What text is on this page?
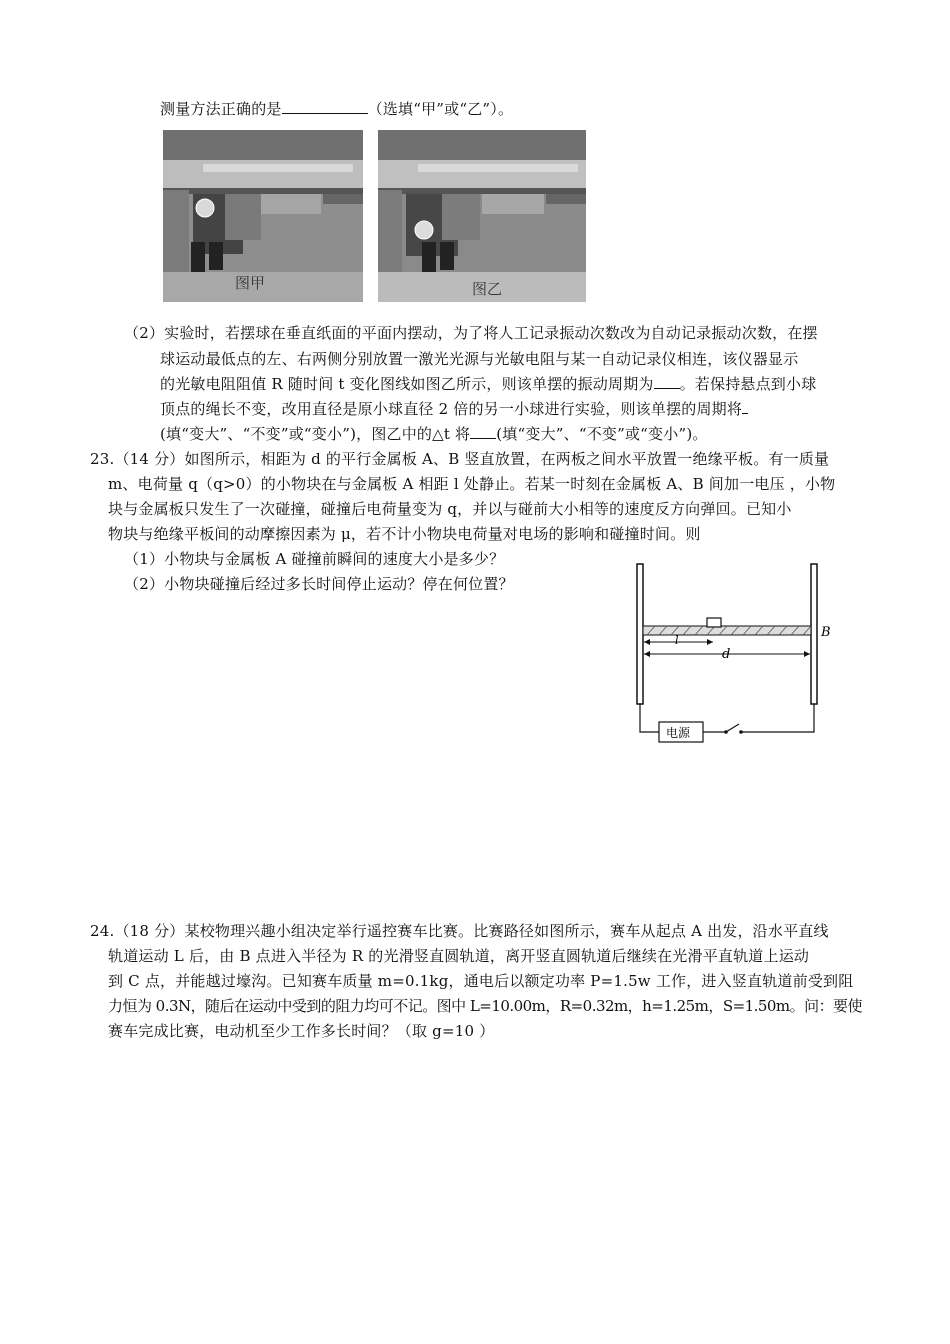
测量方法正确的是	（选填“甲”或“乙”）。
图甲	图乙
（2）实验时，若摆球在垂直纸面的平面内摆动，为了将人工记录振动次数改为自动记录振动次数，在摆
球运动最低点的左、右两侧分别放置一激光光源与光敏电阻与某一自动记录仪相连，该仪器显示
的光敏电阻阻值 R 随时间 t 变化图线如图乙所示，则该单摆的振动周期为 。若保持悬点到小球
顶点的绳长不变，改用直径是原小球直径 2 倍的另一小球进行实验，则该单摆的周期将
(填“变大”、“不变”或“变小”)，图乙中的△t 将 (填“变大”、“不变”或“变小”)。
23.（14 分）如图所示，相距为 d 的平行金属板 A、B 竖直放置，在两板之间水平放置一绝缘平板。有一质量
m、电荷量 q（q>0）的小物块在与金属板 A 相距 l 处静止。若某一时刻在金属板 A、B 间加一电压 ，小物
块与金属板只发生了一次碰撞，碰撞后电荷量变为 q，并以与碰前大小相等的速度反方向弹回。已知小
物块与绝缘平板间的动摩擦因素为 μ，若不计小物块电荷量对电场的影响和碰撞时间。则
（1）小物块与金属板 A 碰撞前瞬间的速度大小是多少？
（2）小物块碰撞后经过多长时间停止运动？停在何位置？
B
l
d
电源
24.（18 分）某校物理兴趣小组决定举行遥控赛车比赛。比赛路径如图所示，赛车从起点 A 出发，沿水平直线
轨道运动 L 后，由 B 点进入半径为 R 的光滑竖直圆轨道，离开竖直圆轨道后继续在光滑平直轨道上运动
到 C 点，并能越过壕沟。已知赛车质量 m=0.1kg，通电后以额定功率 P=1.5w 工作，进入竖直轨道前受到阻
力恒为 0.3N，随后在运动中受到的阻力均可不记。图中 L=10.00m，R=0.32m，h=1.25m，S=1.50m。问：要使
赛车完成比赛，电动机至少工作多长时间？（取 g=10 ）
